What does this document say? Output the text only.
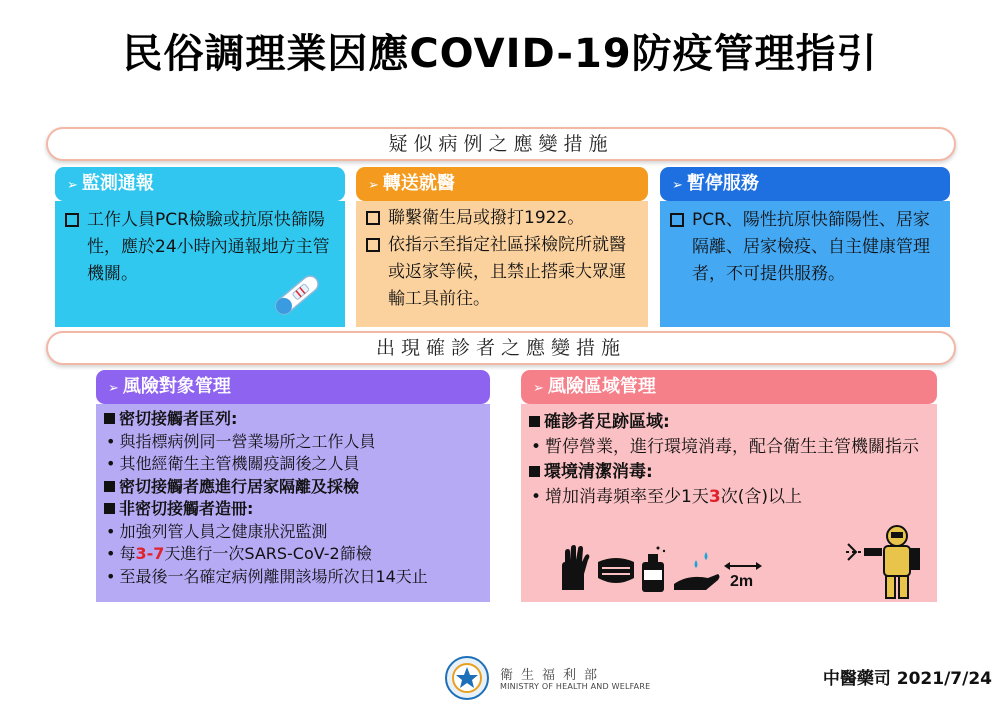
民俗調理業因應COVID-19防疫管理指引
疑似病例之應變措施
➢ 監測通報
工作人員PCR檢驗或抗原快篩陽性，應於24小時內通報地方主管機關。
➢ 轉送就醫
聯繫衛生局或撥打1922。
依指示至指定社區採檢院所就醫或返家等候，且禁止搭乘大眾運輸工具前往。
➢ 暫停服務
PCR、陽性抗原快篩陽性、居家隔離、居家檢疫、自主健康管理者，不可提供服務。
出現確診者之應變措施
➢ 風險對象管理
密切接觸者匡列:
• 與指標病例同一營業場所之工作人員
• 其他經衛生主管機關疫調後之人員
密切接觸者應進行居家隔離及採檢
非密切接觸者造冊:
• 加強列管人員之健康狀況監測
• 每3-7天進行一次SARS-CoV-2篩檢
• 至最後一名確定病例離開該場所次日14天止
➢ 風險區域管理
確診者足跡區域:
• 暫停營業，進行環境消毒，配合衛生主管機關指示
環境清潔消毒:
• 增加消毒頻率至少1天3次(含)以上
2m
衛生福利部
MINISTRY OF HEALTH AND WELFARE	中醫藥司 2021/7/24
